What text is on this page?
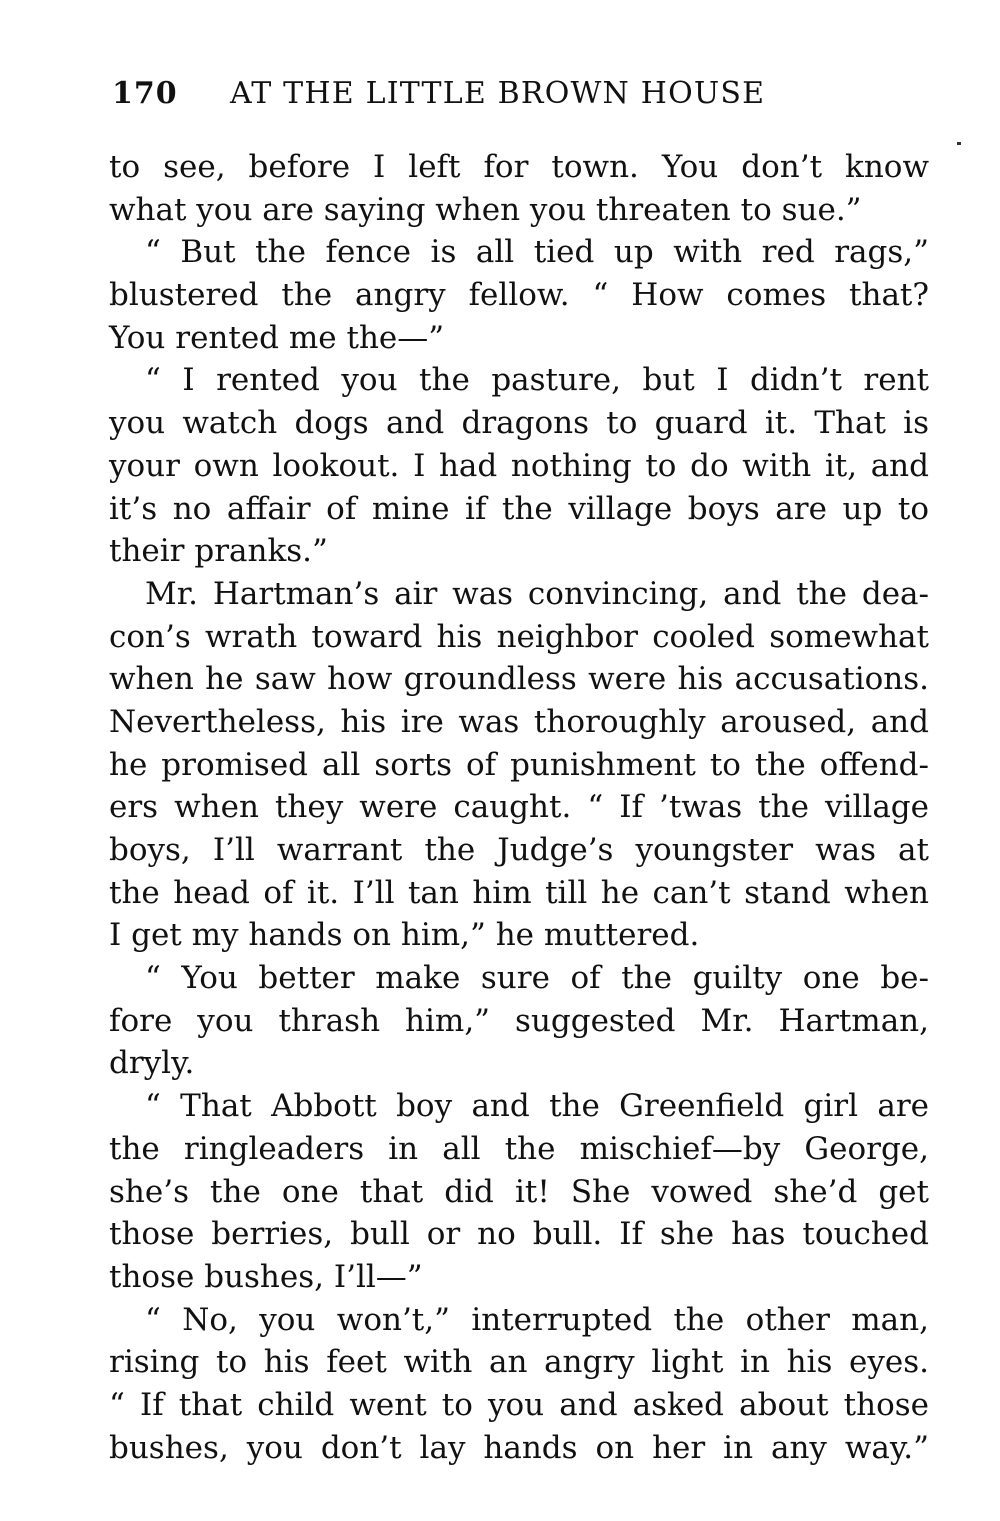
170 AT THE LITTLE BROWN HOUSE
to see, before I left for town. You don’t know
what you are saying when you threaten to sue.”
“ But the fence is all tied up with red rags,”
blustered the angry fellow. “ How comes that?
You rented me the—”
“ I rented you the pasture, but I didn’t rent
you watch dogs and dragons to guard it. That is
your own lookout. I had nothing to do with it, and
it’s no affair of mine if the village boys are up to
their pranks.”
Mr. Hartman’s air was convincing, and the dea-
con’s wrath toward his neighbor cooled somewhat
when he saw how groundless were his accusations.
Nevertheless, his ire was thoroughly aroused, and
he promised all sorts of punishment to the offend-
ers when they were caught. “ If ’twas the village
boys, I’ll warrant the Judge’s youngster was at
the head of it. I’ll tan him till he can’t stand when
I get my hands on him,” he muttered.
“ You better make sure of the guilty one be-
fore you thrash him,” suggested Mr. Hartman,
dryly.
“ That Abbott boy and the Greenfield girl are
the ringleaders in all the mischief—by George,
she’s the one that did it! She vowed she’d get
those berries, bull or no bull. If she has touched
those bushes, I’ll—”
“ No, you won’t,” interrupted the other man,
rising to his feet with an angry light in his eyes.
“ If that child went to you and asked about those
bushes, you don’t lay hands on her in any way.”
